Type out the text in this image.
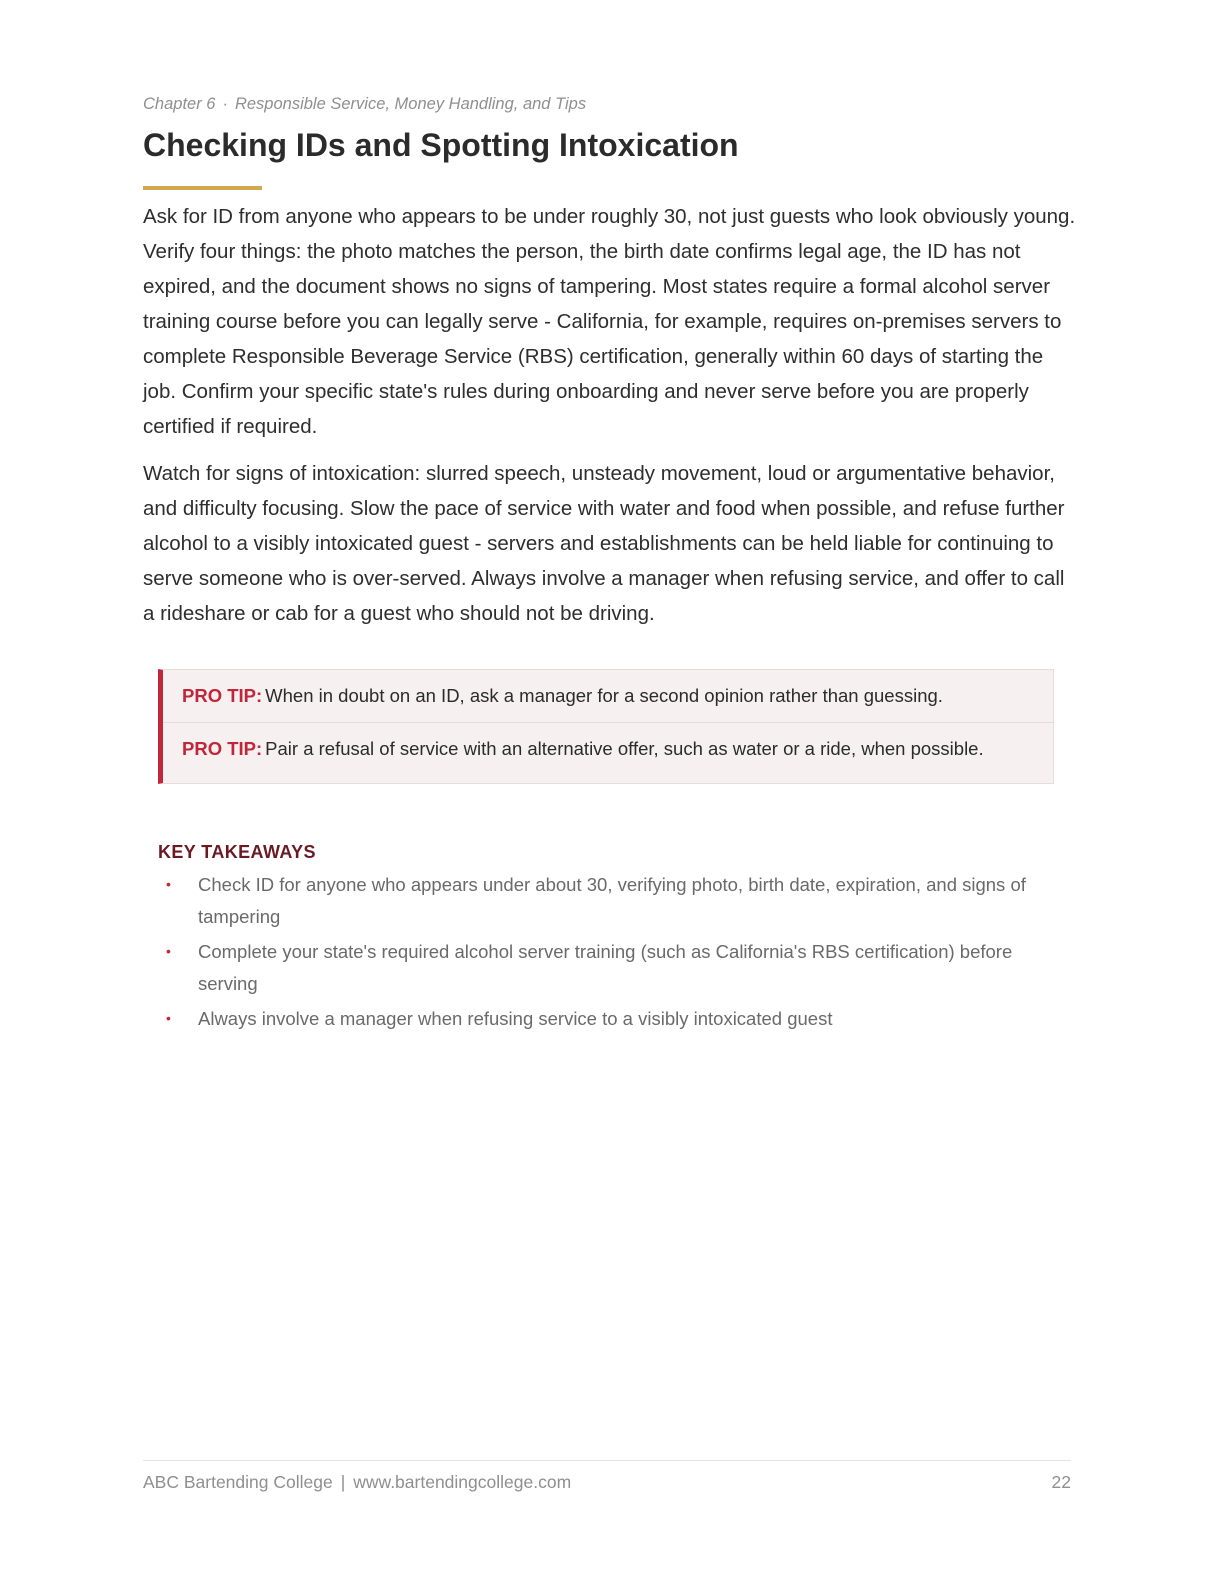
Chapter 6 · Responsible Service, Money Handling, and Tips
Checking IDs and Spotting Intoxication

Ask for ID from anyone who appears to be under roughly 30, not just guests who look obviously young. Verify four things: the photo matches the person, the birth date confirms legal age, the ID has not expired, and the document shows no signs of tampering. Most states require a formal alcohol server training course before you can legally serve - California, for example, requires on-premises servers to complete Responsible Beverage Service (RBS) certification, generally within 60 days of starting the job. Confirm your specific state's rules during onboarding and never serve before you are properly certified if required.

Watch for signs of intoxication: slurred speech, unsteady movement, loud or argumentative behavior, and difficulty focusing. Slow the pace of service with water and food when possible, and refuse further alcohol to a visibly intoxicated guest - servers and establishments can be held liable for continuing to serve someone who is over-served. Always involve a manager when refusing service, and offer to call a rideshare or cab for a guest who should not be driving.

PRO TIP: When in doubt on an ID, ask a manager for a second opinion rather than guessing.
PRO TIP: Pair a refusal of service with an alternative offer, such as water or a ride, when possible.
KEY TAKEAWAYS
• Check ID for anyone who appears under about 30, verifying photo, birth date, expiration, and signs of tampering
• Complete your state's required alcohol server training (such as California's RBS certification) before serving
• Always involve a manager when refusing service to a visibly intoxicated guest
ABC Bartending College | www.bartendingcollege.com	22
